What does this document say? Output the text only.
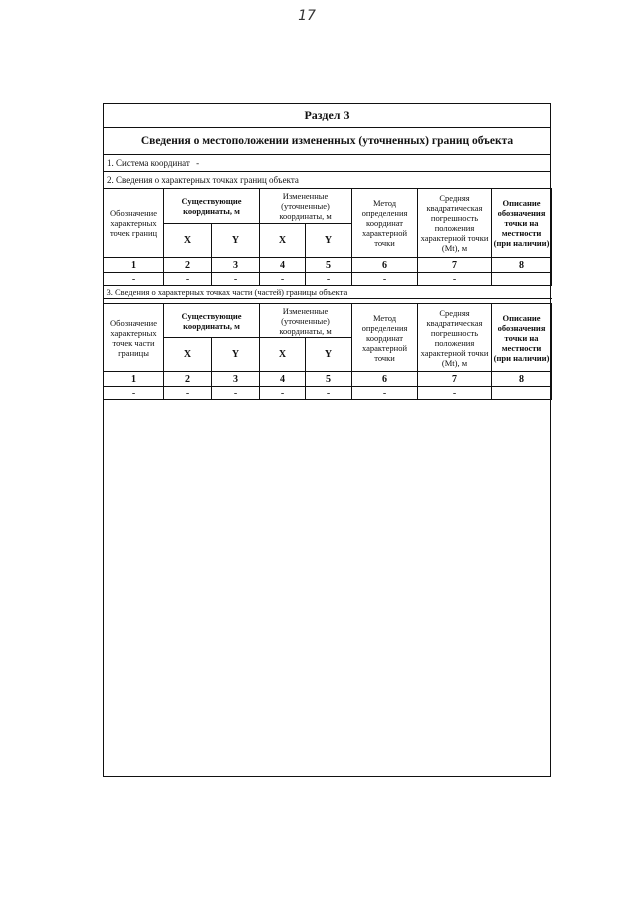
17
Раздел 3
Сведения о местоположении измененных (уточненных) границ объекта
1. Система координат -
2. Сведения о характерных точках границ объекта
Обозначение характерных точек границ	Существующие координаты, м		Измененные (уточненные) координаты, м		Метод определения координат характерной точки	Средняя квадратическая погрешность положения характерной точки (Mt), м	Описание обозначения точки на местности (при наличии)
	X	Y	X	Y			
1	2	3	4	5	6	7	8
-	-	-	-	-	-	-	
3. Сведения о характерных точках части (частей) границы объекта							
Обозначение характерных точек части границы	Существующие координаты, м		Измененные (уточненные) координаты, м		Метод определения координат характерной точки	Средняя квадратическая погрешность положения характерной точки (Mt), м	Описание обозначения точки на местности (при наличии)
	X	Y	X	Y			
1	2	3	4	5	6	7	8
-	-	-	-	-	-	-	
